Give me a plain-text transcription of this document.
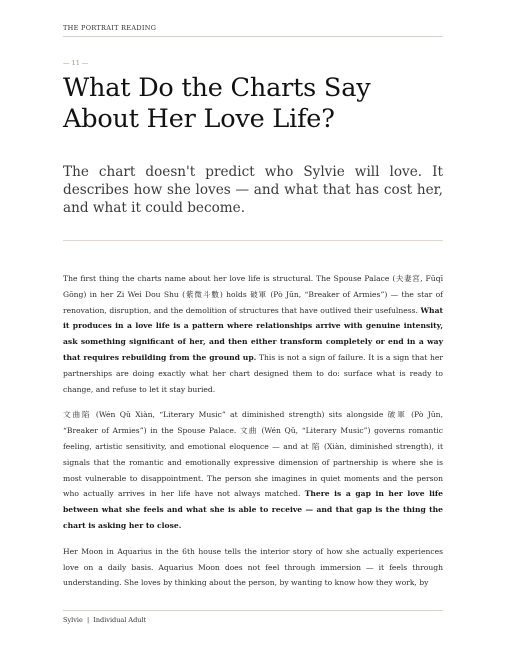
THE PORTRAIT READING
— 11 —
What Do the Charts Say
About Her Love Life?

The chart doesn't predict who Sylvie will love. It describes how she loves — and what that has cost her, and what it could become.

The first thing the charts name about her love life is structural. The Spouse Palace (夫妻宮, Fūqī Gōng) in her Zi Wei Dou Shu (紫微斗數) holds 破軍 (Pò Jūn, “Breaker of Armies”) — the star of renovation, disruption, and the demolition of structures that have outlived their usefulness. What it produces in a love life is a pattern where relationships arrive with genuine intensity, ask something significant of her, and then either transform completely or end in a way that requires rebuilding from the ground up. This is not a sign of failure. It is a sign that her partnerships are doing exactly what her chart designed them to do: surface what is ready to change, and refuse to let it stay buried.

文曲陷 (Wén Qǔ Xiàn, “Literary Music” at diminished strength) sits alongside 破軍 (Pò Jūn, “Breaker of Armies”) in the Spouse Palace. 文曲 (Wén Qǔ, “Literary Music”) governs romantic feeling, artistic sensitivity, and emotional eloquence — and at 陷 (Xiàn, diminished strength), it signals that the romantic and emotionally expressive dimension of partnership is where she is most vulnerable to disappointment. The person she imagines in quiet moments and the person who actually arrives in her life have not always matched. There is a gap in her love life between what she feels and what she is able to receive — and that gap is the thing the chart is asking her to close.

Her Moon in Aquarius in the 6th house tells the interior story of how she actually experiences love on a daily basis. Aquarius Moon does not feel through immersion — it feels through understanding. She loves by thinking about the person, by wanting to know how they work, by

Sylvie | Individual Adult
